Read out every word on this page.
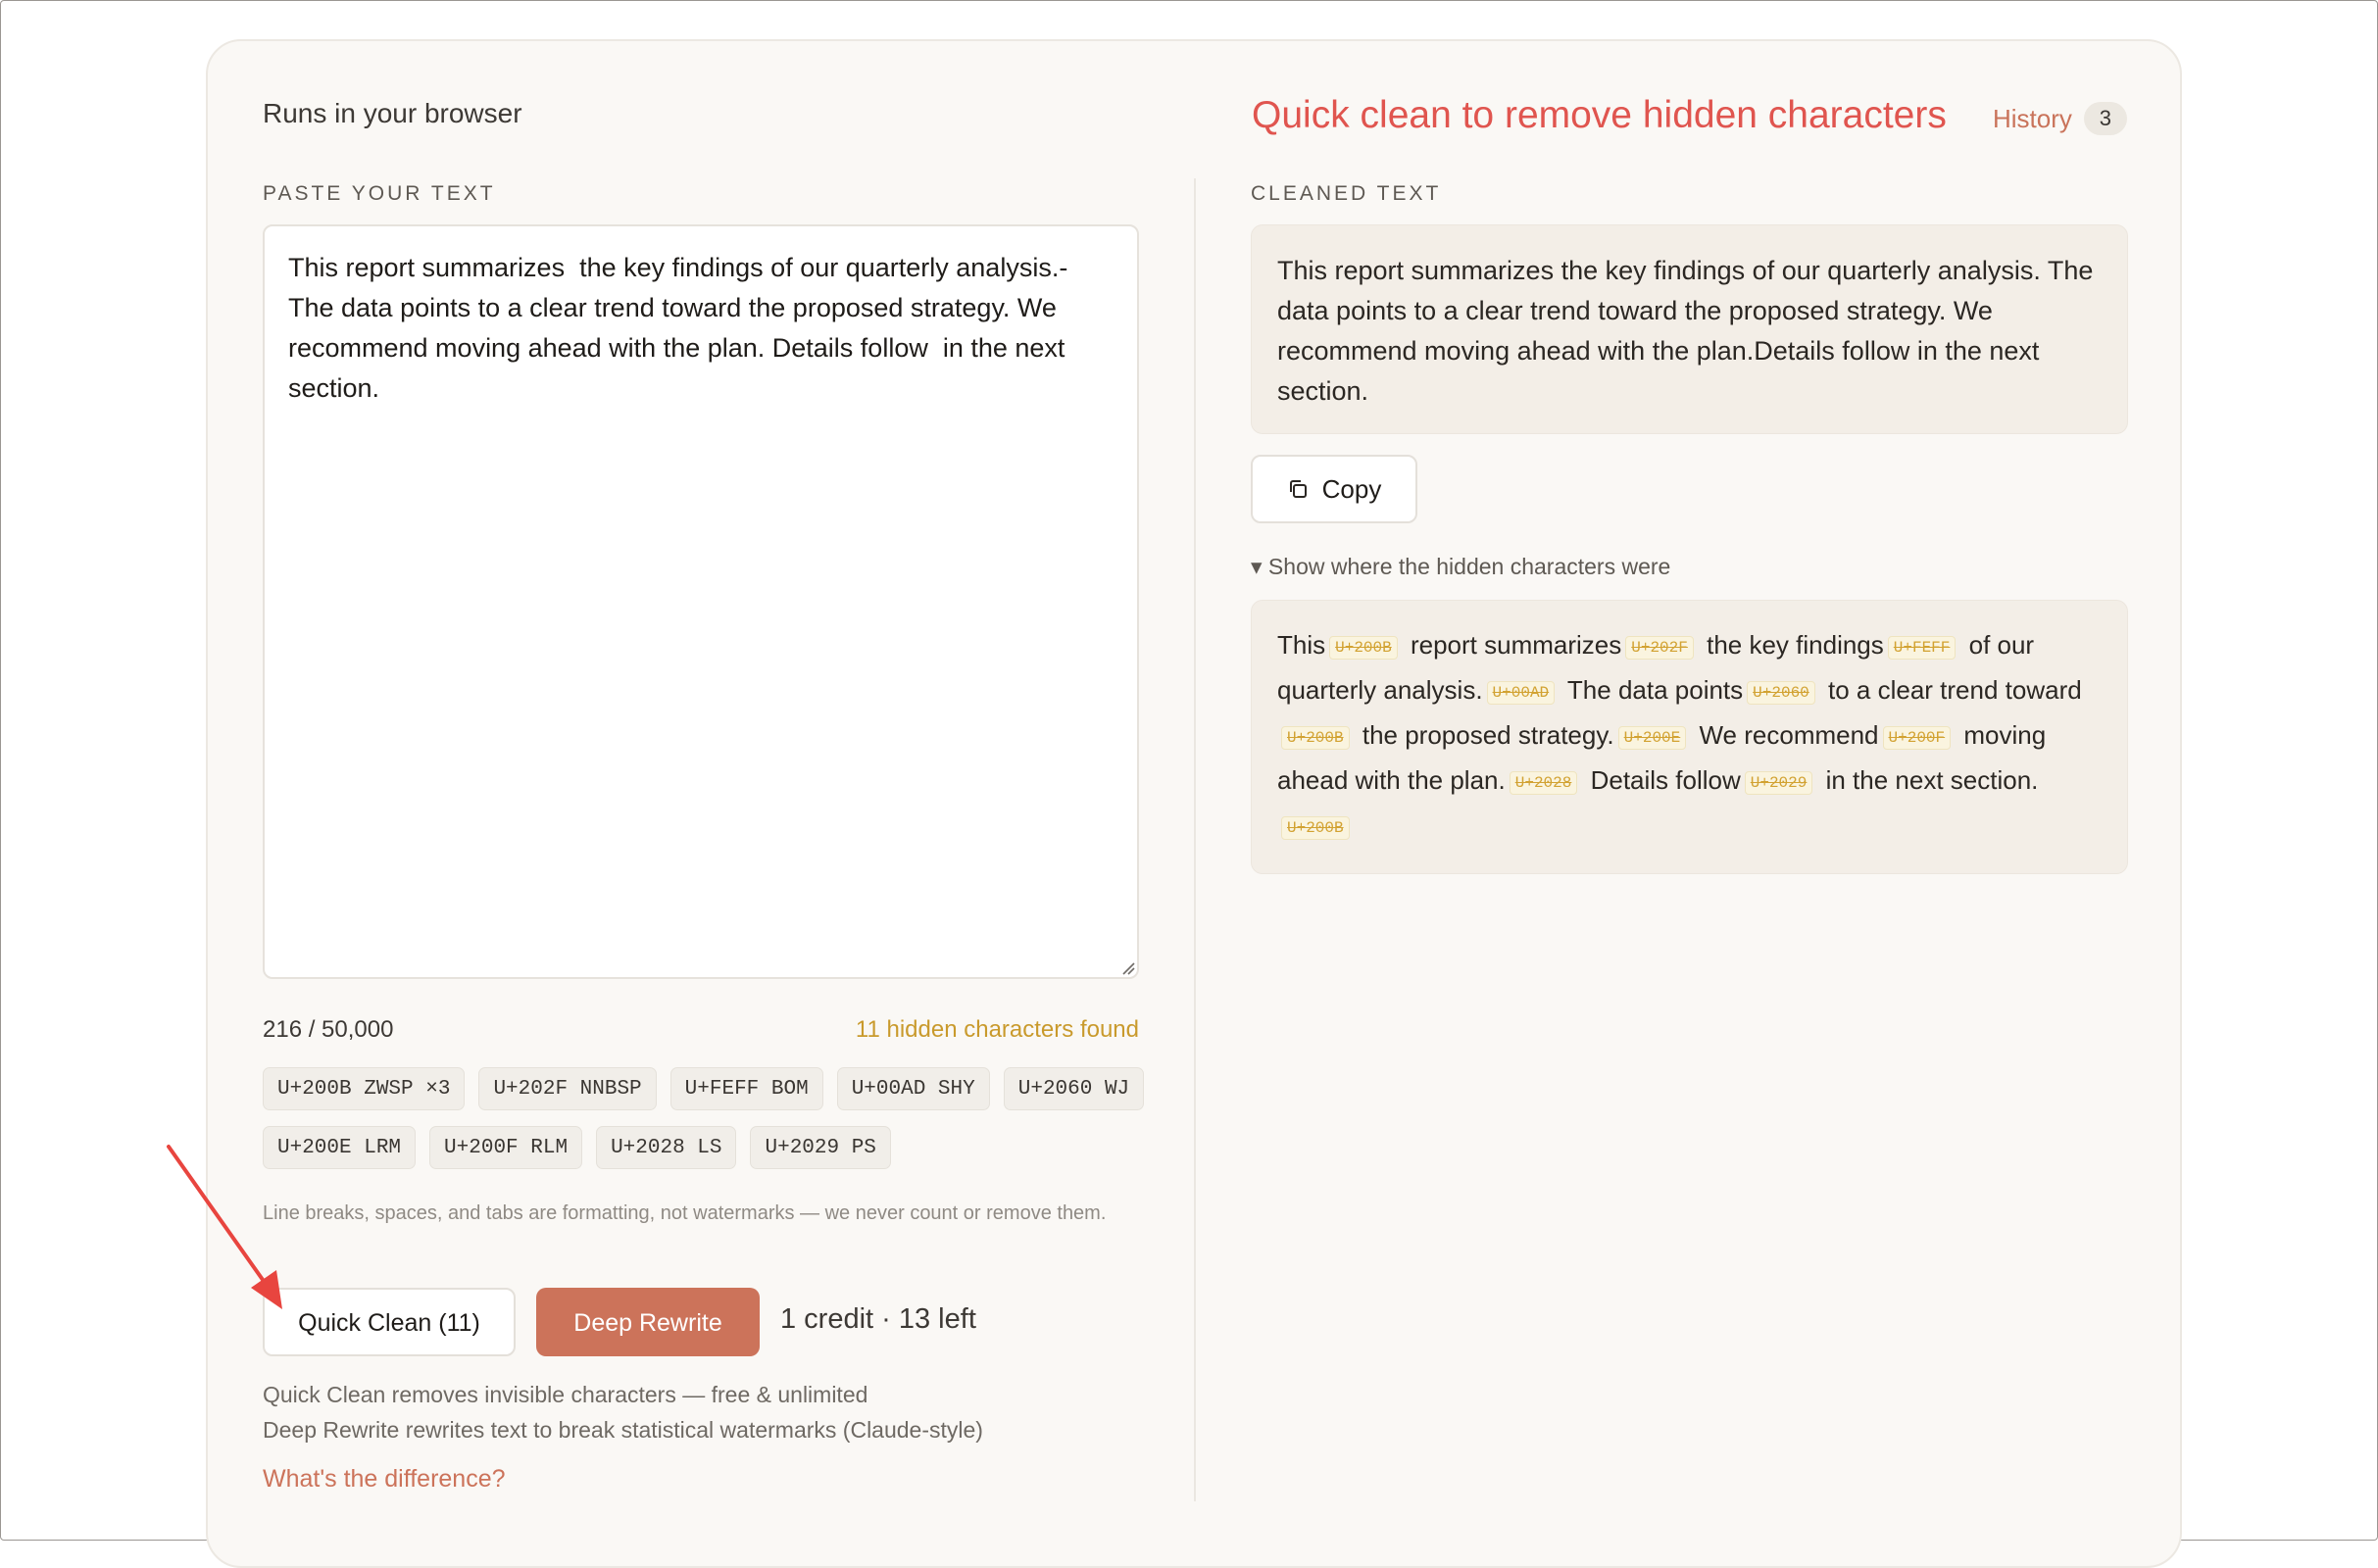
Runs in your browser	Quick clean to remove hidden characters History	3
PASTE YOUR TEXT
This report summarizes the key findings of our quarterly analysis.- The data points to a clear trend toward the proposed strategy. We recommend moving ahead with the plan. Details follow in the next section.
216 / 50,000	11 hidden characters found
U+200B ZWSP ×3	U+202F NNBSP	U+FEFF BOM	U+00AD SHY	U+2060 WJ
U+200E LRM	U+200F RLM	U+2028 LS	U+2029 PS
Line breaks, spaces, and tabs are formatting, not watermarks — we never count or remove them.
Quick Clean (11)	Deep Rewrite	1 credit · 13 left
Quick Clean removes invisible characters — free & unlimited
Deep Rewrite rewrites text to break statistical watermarks (Claude-style)
What's the difference?
CLEANED TEXT
This report summarizes the key findings of our quarterly analysis. The data points to a clear trend toward the proposed strategy. We recommend moving ahead with the plan.Details follow in the next section.
Copy
▾ Show where the hidden characters were
This U+200B report summarizes U+202F the key findings U+FEFF of our quarterly analysis. U+00AD The data points U+2060 to a clear trend towardU+200B the proposed strategy. U+200E We recommend U+200F moving ahead with the plan. U+2028 Details follow U+2029 in the next section.U+200B
